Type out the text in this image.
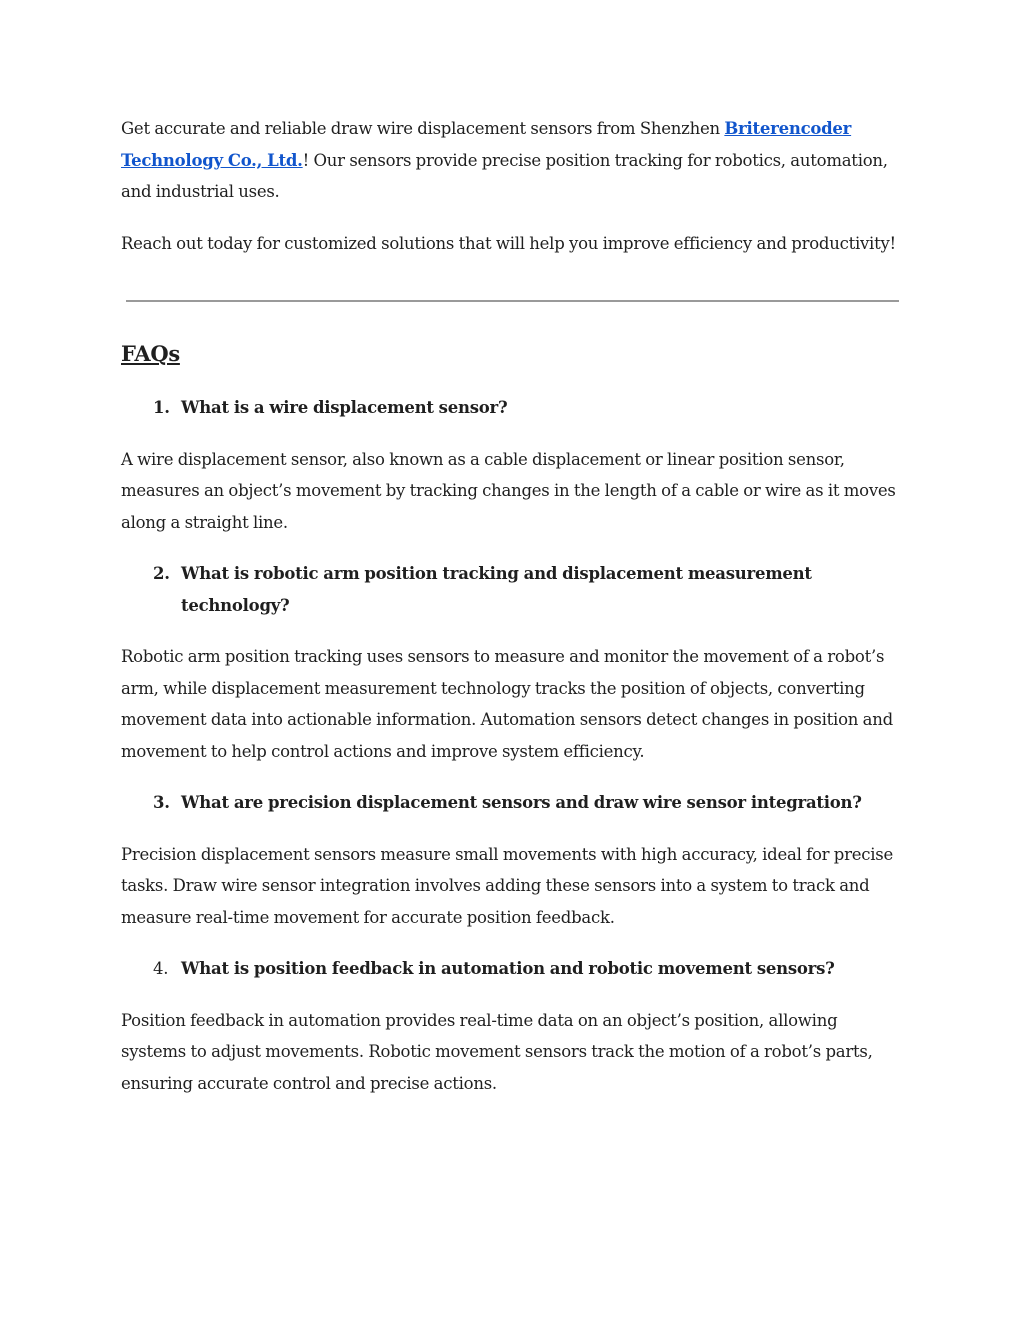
Get accurate and reliable draw wire displacement sensors from Shenzhen Briterencoder Technology Co., Ltd.! Our sensors provide precise position tracking for robotics, automation, and industrial uses.

Reach out today for customized solutions that will help you improve efficiency and productivity!

FAQs
1. What is a wire displacement sensor?

A wire displacement sensor, also known as a cable displacement or linear position sensor, measures an object’s movement by tracking changes in the length of a cable or wire as it moves along a straight line.

2. What is robotic arm position tracking and displacement measurement technology?

Robotic arm position tracking uses sensors to measure and monitor the movement of a robot’s arm, while displacement measurement technology tracks the position of objects, converting movement data into actionable information. Automation sensors detect changes in position and movement to help control actions and improve system efficiency.

3. What are precision displacement sensors and draw wire sensor integration?

Precision displacement sensors measure small movements with high accuracy, ideal for precise tasks. Draw wire sensor integration involves adding these sensors into a system to track and measure real-time movement for accurate position feedback.

4. What is position feedback in automation and robotic movement sensors?

Position feedback in automation provides real-time data on an object’s position, allowing systems to adjust movements. Robotic movement sensors track the motion of a robot’s parts, ensuring accurate control and precise actions.
